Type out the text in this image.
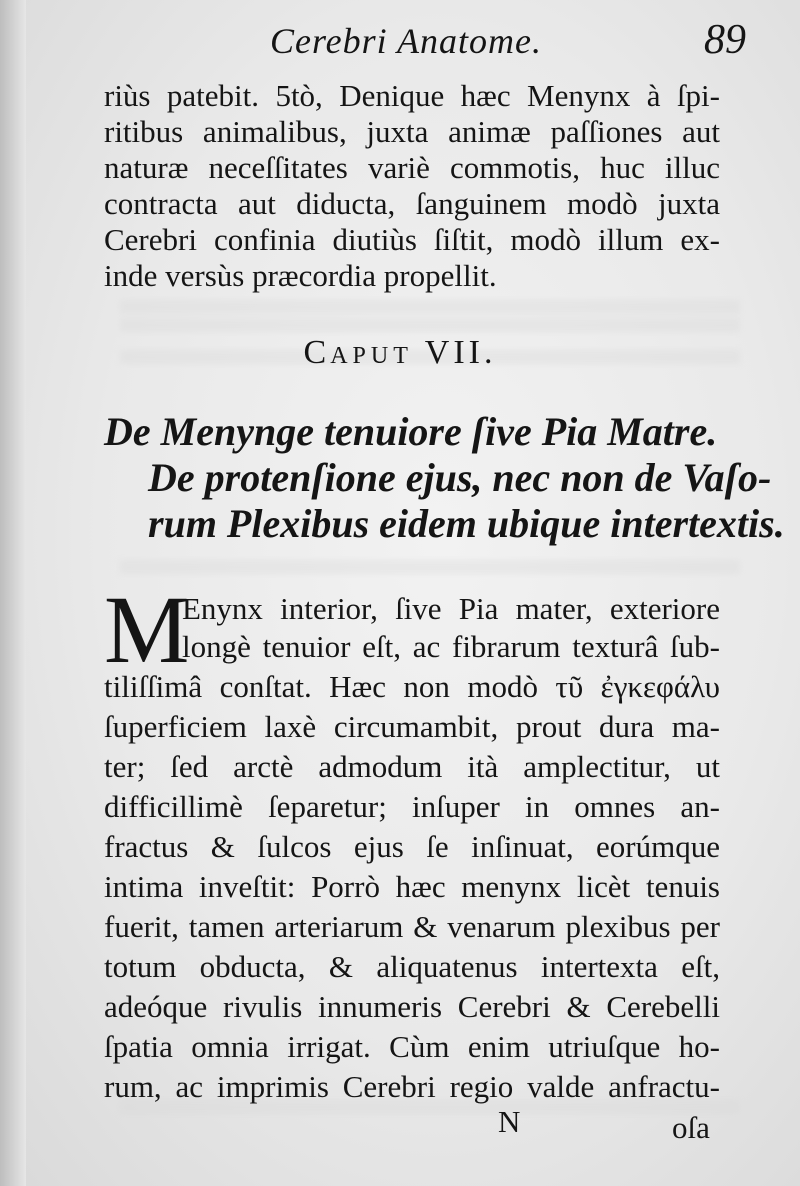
Cerebri Anatome.	89
riùs patebit. 5tò, Denique hæc Menynx à ſpi-
ritibus animalibus, juxta animæ paſſiones aut
naturæ neceſſitates variè commotis, huc illuc
contracta aut diducta, ſanguinem modò juxta
Cerebri confinia diutiùs ſiſtit, modò illum ex-
inde versùs præcordia propellit.
CAPUT VII.
De Menynge tenuiore ſive Pia Matre.
De protenſione ejus, nec non de Vaſo-
rum Plexibus eidem ubique intertextis.
M
Enynx interior, ſive Pia mater, exteriore
longè tenuior eſt, ac fibrarum texturâ ſub-
tiliſſimâ conſtat. Hæc non modò τῦ ἐγκεφάλυ
ſuperficiem laxè circumambit, prout dura ma-
ter; ſed arctè admodum ità amplectitur, ut
difficillimè ſeparetur; inſuper in omnes an-
fractus & ſulcos ejus ſe inſinuat, eorúmque
intima inveſtit: Porrò hæc menynx licèt tenuis
fuerit, tamen arteriarum & venarum plexibus per
totum obducta, & aliquatenus intertexta eſt,
adeóque rivulis innumeris Cerebri & Cerebelli
ſpatia omnia irrigat. Cùm enim utriuſque ho-
rum, ac imprimis Cerebri regio valde anfractu-
N	oſa
